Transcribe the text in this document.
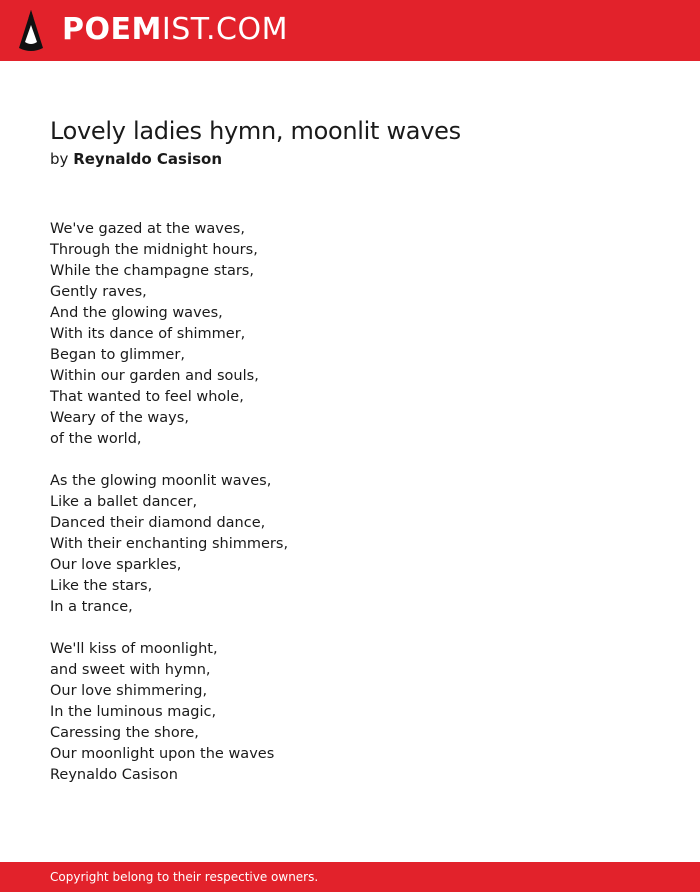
POEMIST.COM
Lovely ladies hymn, moonlit waves
by Reynaldo Casison
We've gazed at the waves,
Through the midnight hours,
While the champagne stars,
Gently raves,
And the glowing waves,
With its dance of shimmer,
Began to glimmer,
Within our garden and souls,
That wanted to feel whole,
Weary of the ways,
of the world,
As the glowing moonlit waves,
Like a ballet dancer,
Danced their diamond dance,
With their enchanting shimmers,
Our love sparkles,
Like the stars,
In a trance,
We'll kiss of moonlight,
and sweet with hymn,
Our love shimmering,
In the luminous magic,
Caressing the shore,
Our moonlight upon the waves
Reynaldo Casison
Copyright belong to their respective owners.
